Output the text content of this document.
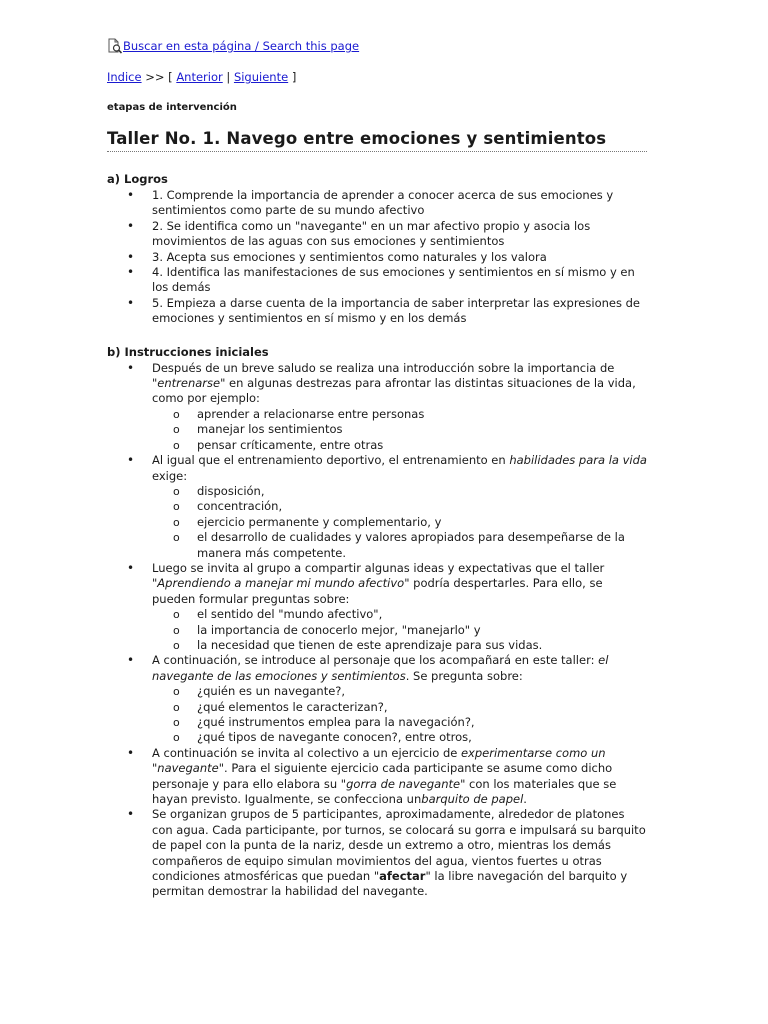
Buscar en esta página / Search this page
Indice >> [ Anterior | Siguiente ]
etapas de intervención
Taller No. 1. Navego entre emociones y sentimientos
a) Logros
• 1. Comprende la importancia de aprender a conocer acerca de sus emociones y sentimientos como parte de su mundo afectivo
• 2. Se identifica como un "navegante" en un mar afectivo propio y asocia los movimientos de las aguas con sus emociones y sentimientos
• 3. Acepta sus emociones y sentimientos como naturales y los valora
• 4. Identifica las manifestaciones de sus emociones y sentimientos en sí mismo y en los demás
• 5. Empieza a darse cuenta de la importancia de saber interpretar las expresiones de emociones y sentimientos en sí mismo y en los demás
b) Instrucciones iniciales
• Después de un breve saludo se realiza una introducción sobre la importancia de "entrenarse" en algunas destrezas para afrontar las distintas situaciones de la vida, como por ejemplo:
o aprender a relacionarse entre personas
o manejar los sentimientos
o pensar críticamente, entre otras
• Al igual que el entrenamiento deportivo, el entrenamiento en habilidades para la vida exige:
o disposición,
o concentración,
o ejercicio permanente y complementario, y
o el desarrollo de cualidades y valores apropiados para desempeñarse de la manera más competente.
• Luego se invita al grupo a compartir algunas ideas y expectativas que el taller "Aprendiendo a manejar mi mundo afectivo" podría despertarles. Para ello, se pueden formular preguntas sobre:
o el sentido del "mundo afectivo",
o la importancia de conocerlo mejor, "manejarlo" y
o la necesidad que tienen de este aprendizaje para sus vidas.
• A continuación, se introduce al personaje que los acompañará en este taller: el navegante de las emociones y sentimientos. Se pregunta sobre:
o ¿quién es un navegante?,
o ¿qué elementos le caracterizan?,
o ¿qué instrumentos emplea para la navegación?,
o ¿qué tipos de navegante conocen?, entre otros,
• A continuación se invita al colectivo a un ejercicio de experimentarse como un "navegante". Para el siguiente ejercicio cada participante se asume como dicho personaje y para ello elabora su "gorra de navegante" con los materiales que se hayan previsto. Igualmente, se confecciona unbarquito de papel.
• Se organizan grupos de 5 participantes, aproximadamente, alrededor de platones con agua. Cada participante, por turnos, se colocará su gorra e impulsará su barquito de papel con la punta de la nariz, desde un extremo a otro, mientras los demás compañeros de equipo simulan movimientos del agua, vientos fuertes u otras condiciones atmosféricas que puedan "afectar" la libre navegación del barquito y permitan demostrar la habilidad del navegante.
